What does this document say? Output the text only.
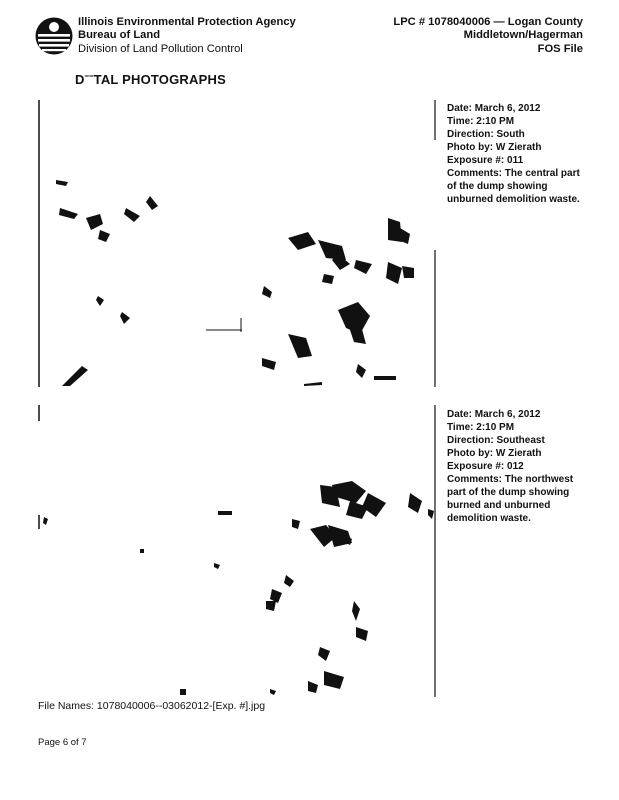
Illinois Environmental Protection Agency
Bureau of Land
Division of Land Pollution Control
LPC # 1078040006 — Logan County
Middletown/Hagerman
FOS File
DˉˉTAL PHOTOGRAPHS
Date: March 6, 2012
Time: 2:10 PM
Direction: South
Photo by: W Zierath
Exposure #: 011
Comments: The central part of the dump showing unburned demolition waste.
Date: March 6, 2012
Time: 2:10 PM
Direction: Southeast
Photo by: W Zierath
Exposure #: 012
Comments: The northwest part of the dump showing burned and unburned demolition waste.
File Names: 1078040006--03062012-[Exp. #].jpg
Page 6 of 7
